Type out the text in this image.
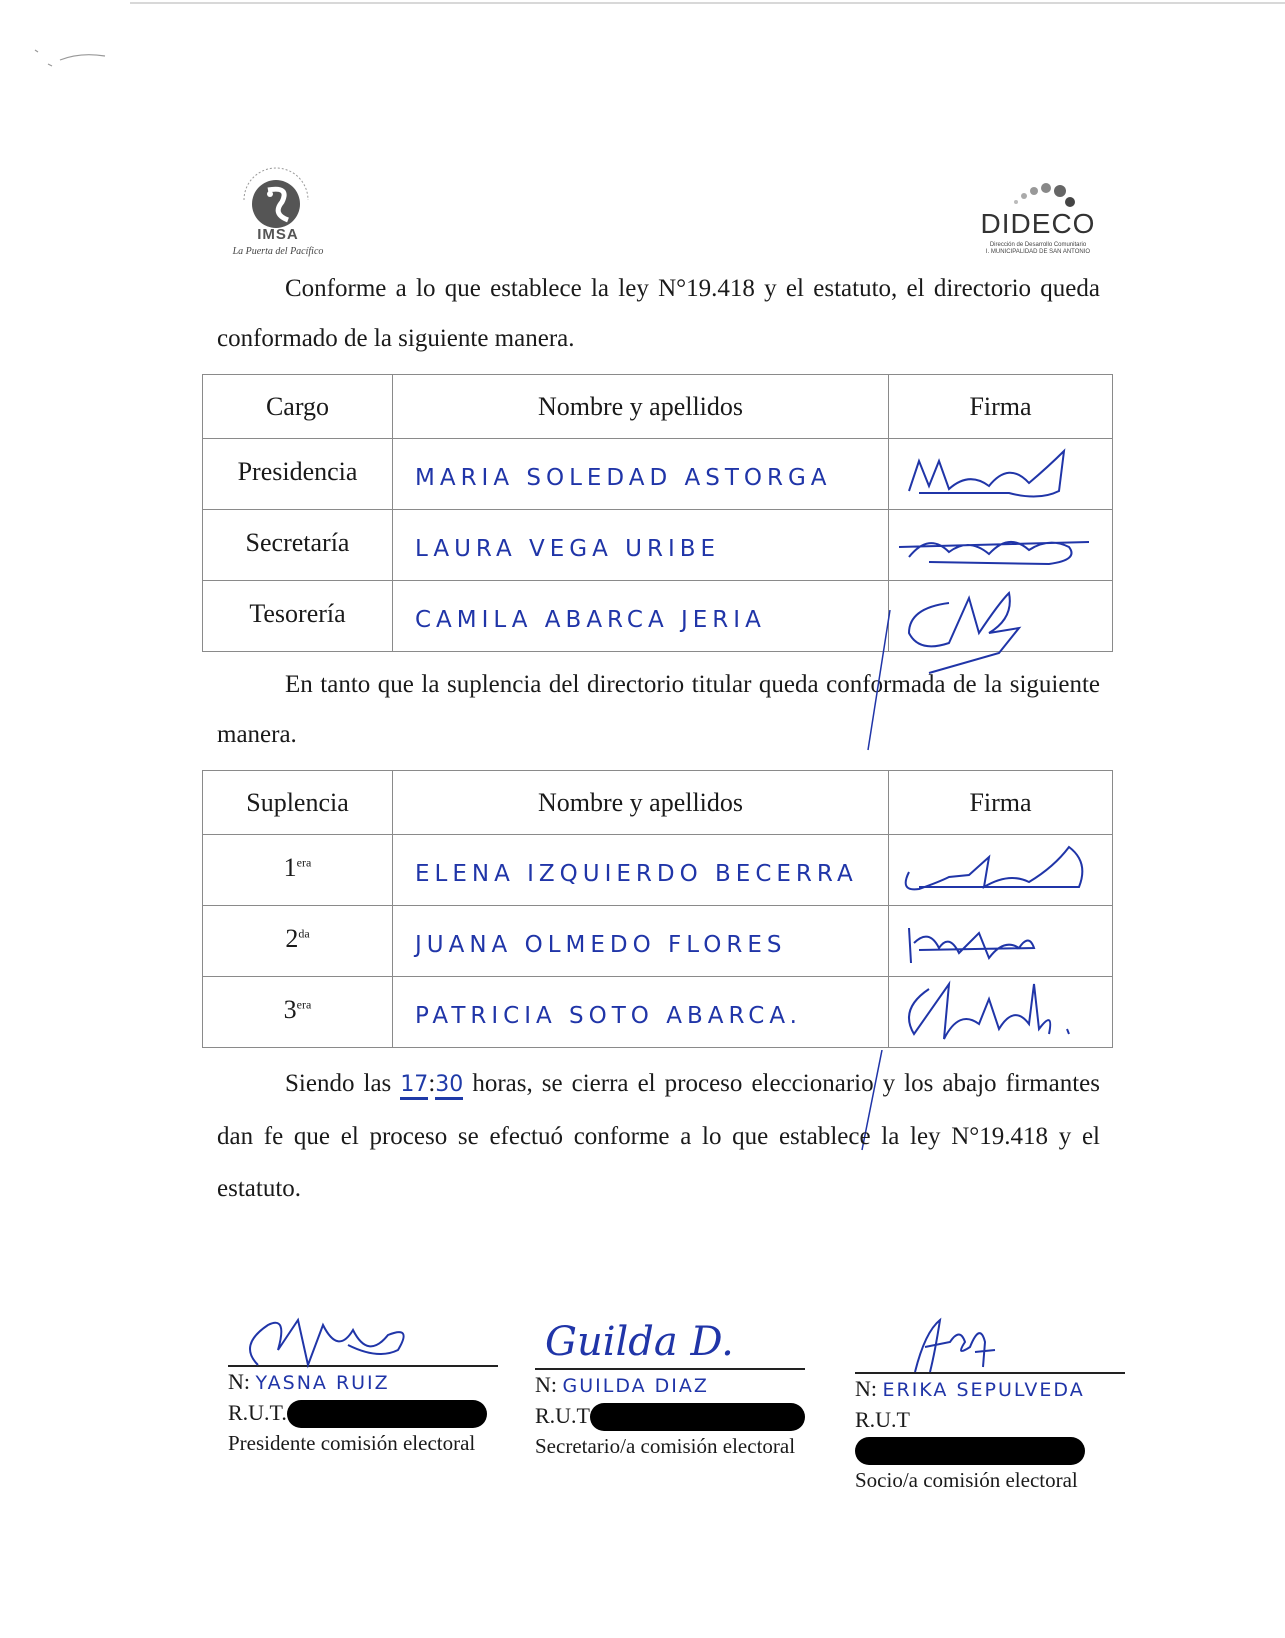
IMSA
La Puerta del Pacífico
DIDECO
Dirección de Desarrollo Comunitario
I. MUNICIPALIDAD DE SAN ANTONIO
Conforme a lo que establece la ley N°19.418 y el estatuto, el directorio queda conformado de la siguiente manera.
Cargo	Nombre y apellidos	Firma
Presidencia	MARIA SOLEDAD ASTORGA	

Secretaría	LAURA VEGA URIBE	

Tesorería	CAMILA ABARCA JERIA	
En tanto que la suplencia del directorio titular queda conformada de la siguiente manera.
Suplencia	Nombre y apellidos	Firma
$1^{era}$	ELENA IZQUIERDO BECERRA	

$2^{da}$	JUANA OLMEDO FLORES	

$3^{era}$	PATRICIA SOTO ABARCA.	
Siendo las 17:30 horas, se cierra el proceso eleccionario y los abajo firmantes dan fe que el proceso se efectuó conforme a lo que establece la ley N°19.418 y el estatuto.
N: YASNA RUIZ
R.U.T.
Presidente comisión electoral
Guilda D.
N: GUILDA DIAZ
R.U.T
Secretario/a comisión electoral
N: ERIKA SEPULVEDA
R.U.T
Socio/a comisión electoral
